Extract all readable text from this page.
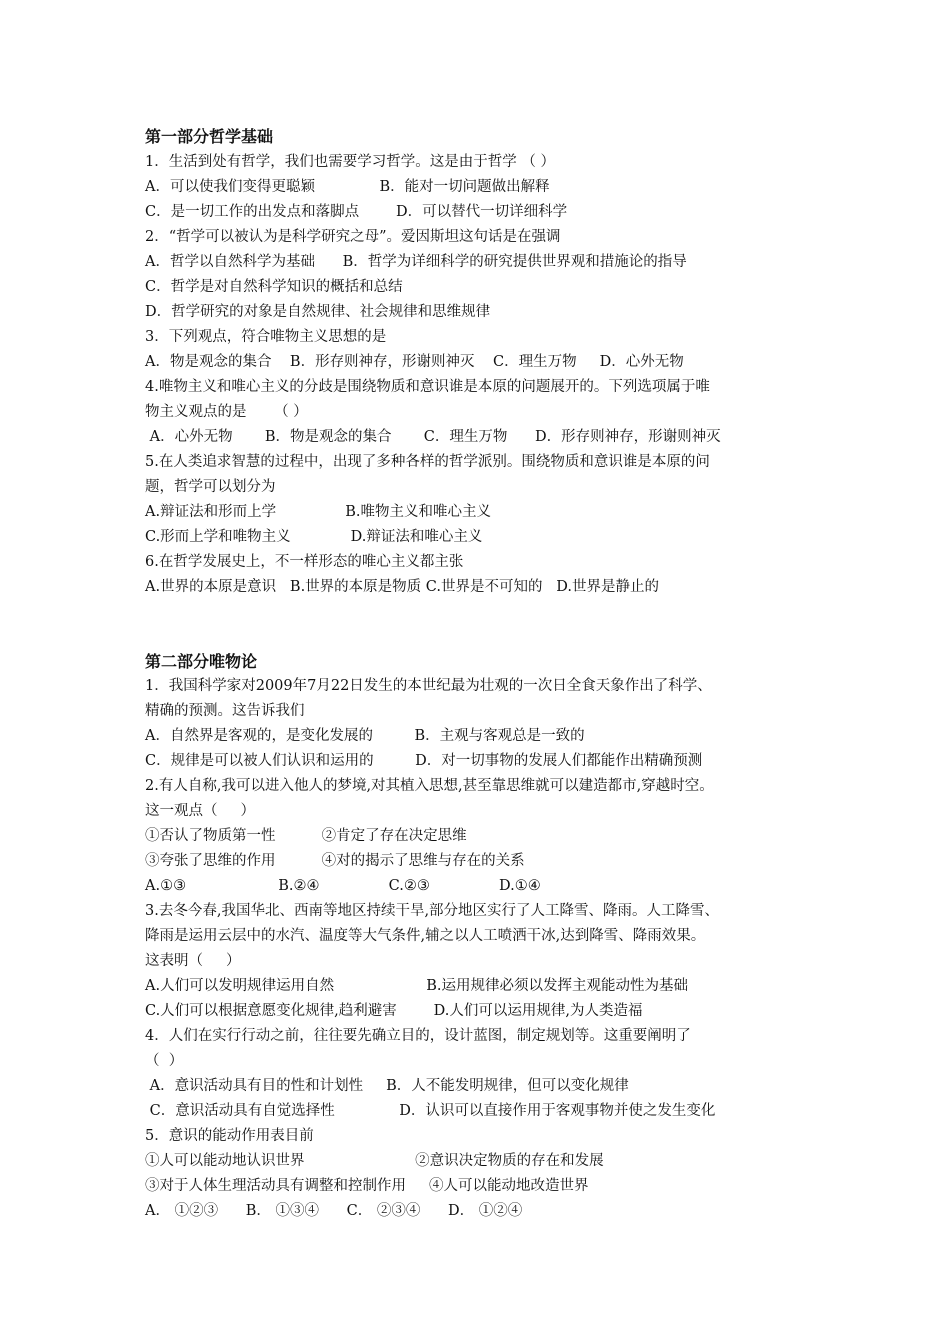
第一部分哲学基础
1．生活到处有哲学，我们也需要学习哲学。这是由于哲学 （ ）
A．可以使我们变得更聪颖              B．能对一切问题做出解释
C．是一切工作的出发点和落脚点        D．可以替代一切详细科学
2．“哲学可以被认为是科学研究之母”。爱因斯坦这句话是在强调
A．哲学以自然科学为基础      B．哲学为详细科学的研究提供世界观和措施论的指导
C．哲学是对自然科学知识的概括和总结
D．哲学研究的对象是自然规律、社会规律和思维规律
3．下列观点，符合唯物主义思想的是
A．物是观念的集合    B．形存则神存，形谢则神灭    C．理生万物     D．心外无物
4.唯物主义和唯心主义的分歧是围绕物质和意识谁是本原的问题展开的。下列选项属于唯
物主义观点的是      （ ）
A．心外无物       B．物是观念的集合       C．理生万物      D．形存则神存，形谢则神灭
5.在人类追求智慧的过程中，出现了多种各样的哲学派别。围绕物质和意识谁是本原的问
题，哲学可以划分为
A.辩证法和形而上学               B.唯物主义和唯心主义
C.形而上学和唯物主义             D.辩证法和唯心主义
6.在哲学发展史上，不一样形态的唯心主义都主张
A.世界的本原是意识   B.世界的本原是物质 C.世界是不可知的   D.世界是静止的
第二部分唯物论
1．我国科学家对2009年7月22日发生的本世纪最为壮观的一次日全食天象作出了科学、
精确的预测。这告诉我们
A．自然界是客观的，是变化发展的         B．主观与客观总是一致的
C．规律是可以被人们认识和运用的         D．对一切事物的发展人们都能作出精确预测
2.有人自称,我可以进入他人的梦境,对其植入思想,甚至靠思维就可以建造都市,穿越时空。
这一观点（     ）
①否认了物质第一性          ②肯定了存在决定思维
③夸张了思维的作用          ④对的揭示了思维与存在的关系
A.①③                    B.②④               C.②③               D.①④
3.去冬今春,我国华北、西南等地区持续干旱,部分地区实行了人工降雪、降雨。人工降雪、
降雨是运用云层中的水汽、温度等大气条件,辅之以人工喷洒干冰,达到降雪、降雨效果。
这表明（     ）
A.人们可以发明规律运用自然                    B.运用规律必须以发挥主观能动性为基础
C.人们可以根据意愿变化规律,趋利避害        D.人们可以运用规律,为人类造福
4．人们在实行行动之前，往往要先确立目的，设计蓝图，制定规划等。这重要阐明了
（  ）
A．意识活动具有目的性和计划性     B．人不能发明规律，但可以变化规律
C．意识活动具有自觉选择性              D．认识可以直接作用于客观事物并使之发生变化
5．意识的能动作用表目前
①人可以能动地认识世界                        ②意识决定物质的存在和发展
③对于人体生理活动具有调整和控制作用     ④人可以能动地改造世界
A． ①②③      B． ①③④      C． ②③④      D． ①②④
